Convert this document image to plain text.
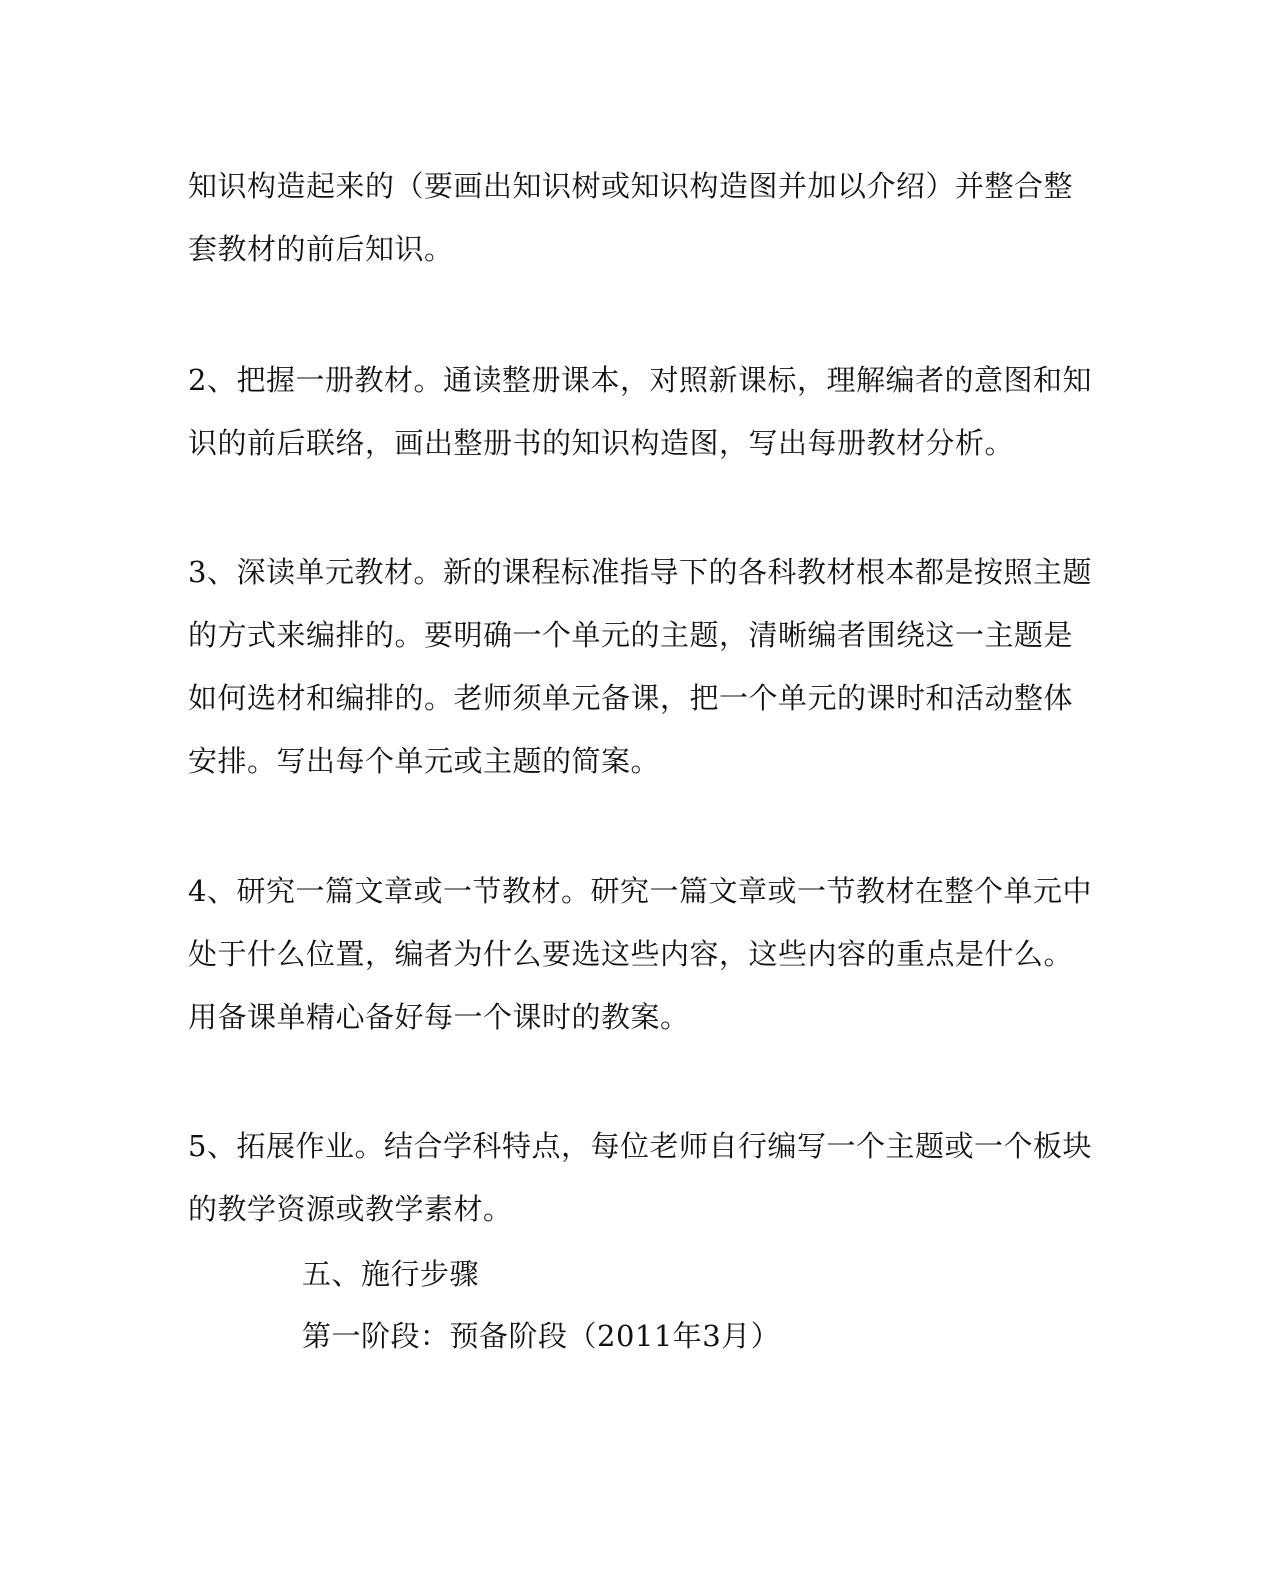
知识构造起来的（要画出知识树或知识构造图并加以介绍）并整合整
套教材的前后知识。
2、把握一册教材。通读整册课本，对照新课标，理解编者的意图和知
识的前后联络，画出整册书的知识构造图，写出每册教材分析。
3、深读单元教材。新的课程标准指导下的各科教材根本都是按照主题
的方式来编排的。要明确一个单元的主题，清晰编者围绕这一主题是
如何选材和编排的。老师须单元备课，把一个单元的课时和活动整体
安排。写出每个单元或主题的简案。
4、研究一篇文章或一节教材。研究一篇文章或一节教材在整个单元中
处于什么位置，编者为什么要选这些内容，这些内容的重点是什么。
用备课单精心备好每一个课时的教案。
5、拓展作业。结合学科特点，每位老师自行编写一个主题或一个板块
的教学资源或教学素材。
五、施行步骤
第一阶段：预备阶段（2011年3月）
